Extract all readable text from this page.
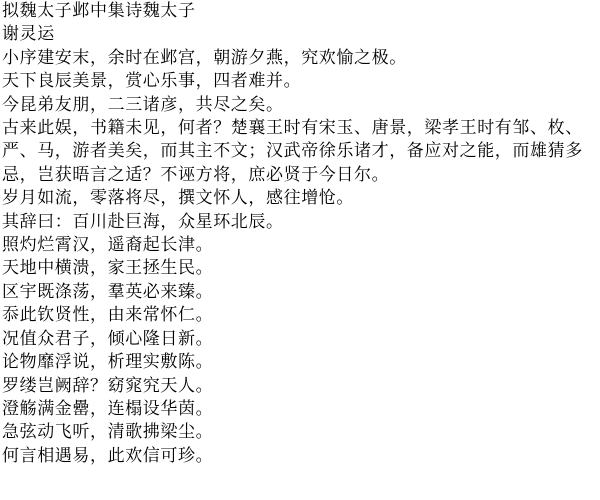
拟魏太子邺中集诗魏太子
谢灵运
小序建安末，余时在邺宫，朝游夕燕，究欢愉之极。
天下良辰美景，赏心乐事，四者难并。
今昆弟友朋，二三诸彦，共尽之矣。
古来此娱，书籍未见，何者？楚襄王时有宋玉、唐景，梁孝王时有邹、枚、严、马，游者美矣，而其主不文；汉武帝徐乐诸才，备应对之能，而雄猜多忌，岂获晤言之适？不诬方将，庶必贤于今日尔。
岁月如流，零落将尽，撰文怀人，感往增怆。
其辞曰：百川赴巨海，众星环北辰。
照灼烂霄汉，遥裔起长津。
天地中横溃，家王拯生民。
区宇既涤荡，羣英必来臻。
忝此钦贤性，由来常怀仁。
况值众君子，倾心隆日新。
论物靡浮说，析理实敷陈。
罗缕岂阙辞？窈窕究天人。
澄觞满金罍，连榻设华茵。
急弦动飞听，清歌拂梁尘。
何言相遇易，此欢信可珍。
